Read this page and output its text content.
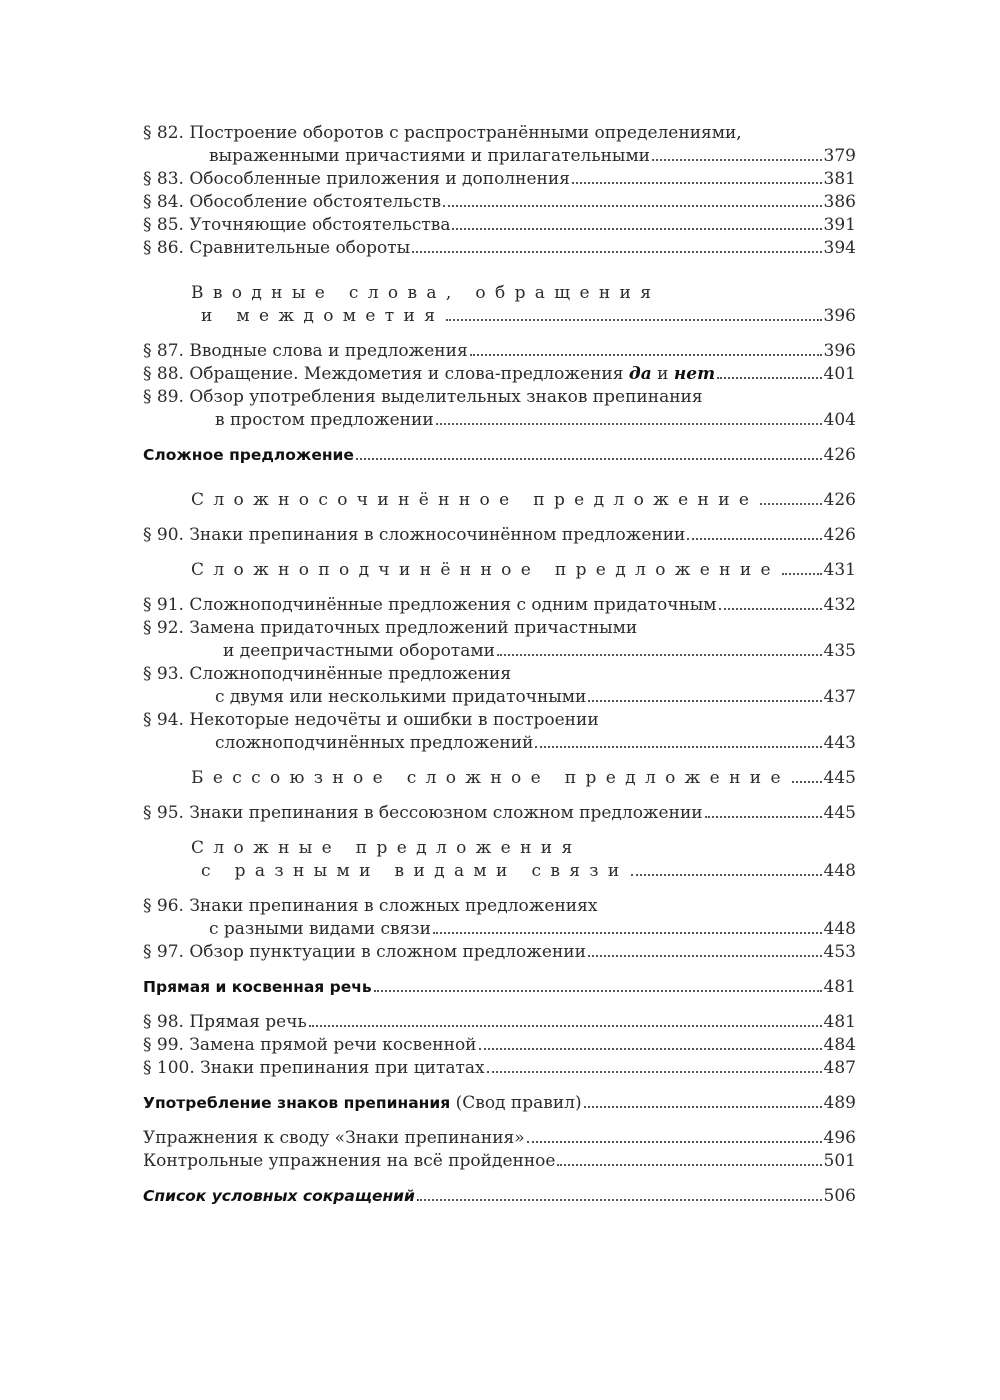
§ 82. Построение оборотов с распространёнными определениями,
выраженными причастиями и прилагательными	379
§ 83. Обособленные приложения и дополнения	381
§ 84. Обособление обстоятельств	386
§ 85. Уточняющие обстоятельства	391
§ 86. Сравнительные обороты	394
Вводные слова, обращения
и междометия	396
§ 87. Вводные слова и предложения	396
§ 88. Обращение. Междометия и слова-предложения да и нет	401
§ 89. Обзор употребления выделительных знаков препинания
в простом предложении	404
Сложное предложение	426
Сложносочинённое предложение	426
§ 90. Знаки препинания в сложносочинённом предложении	426
Сложноподчинённое предложение	431
§ 91. Сложноподчинённые предложения с одним придаточным	432
§ 92. Замена придаточных предложений причастными
и деепричастными оборотами	435
§ 93. Сложноподчинённые предложения
с двумя или несколькими придаточными	437
§ 94. Некоторые недочёты и ошибки в построении
сложноподчинённых предложений	443
Бессоюзное сложное предложение 445
§ 95. Знаки препинания в бессоюзном сложном предложении	445
Сложные предложения
с разными видами связи	448
§ 96. Знаки препинания в сложных предложениях
с разными видами связи	448
§ 97. Обзор пунктуации в сложном предложении	453
Прямая и косвенная речь	481
§ 98. Прямая речь	481
§ 99. Замена прямой речи косвенной	484
§ 100. Знаки препинания при цитатах	487
Употребление знаков препинания (Свод правил)	489
Упражнения к своду «Знаки препинания»	496
Контрольные упражнения на всё пройденное	501
Список условных сокращений	506
